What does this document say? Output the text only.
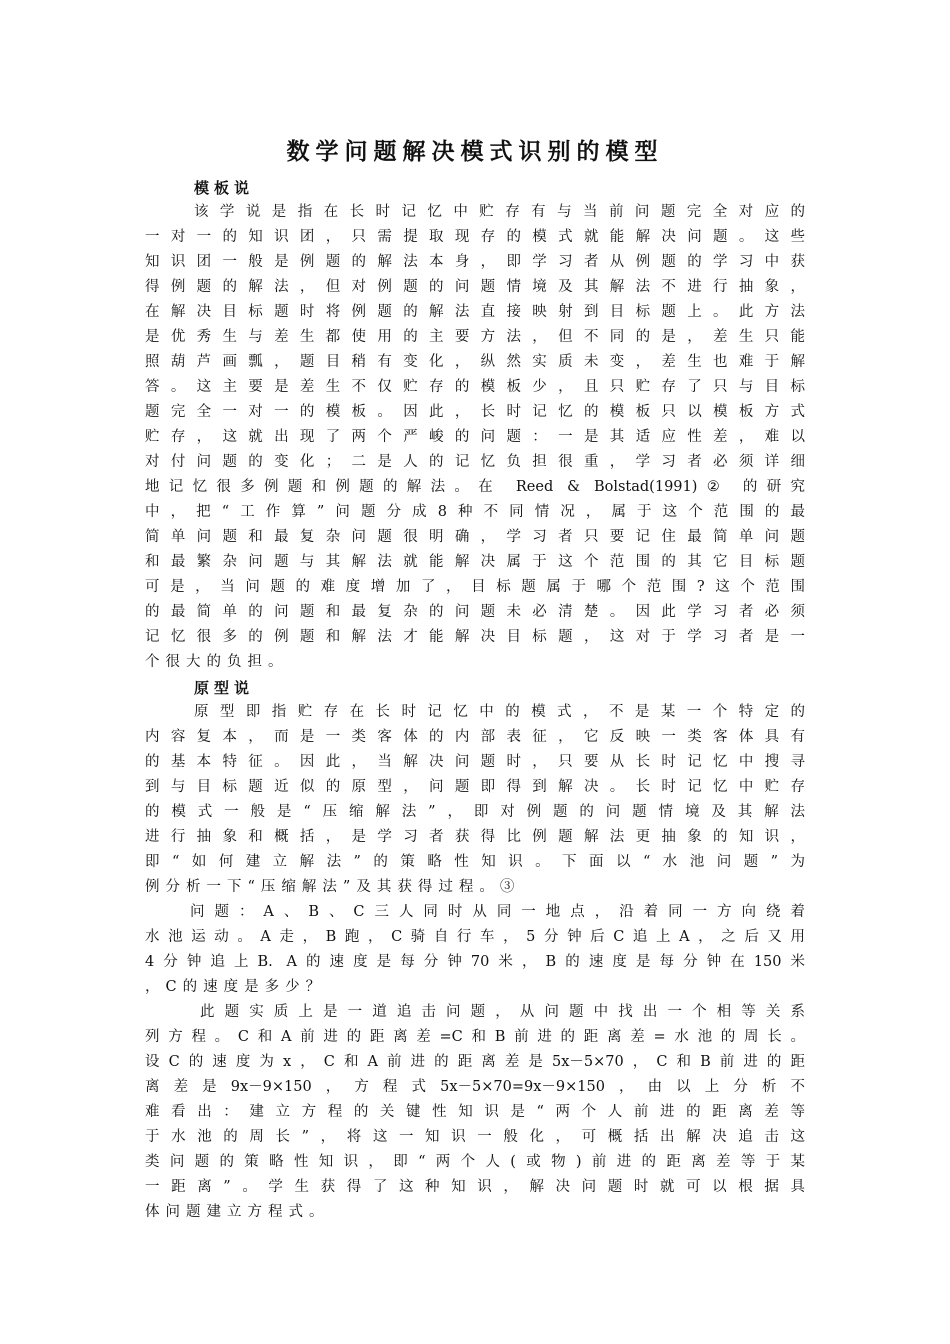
数学问题解决模式识别的模型
模板说

该学说是指在长时记忆中贮存有与当前问题完全对应的

一对一的知识团，只需提取现存的模式就能解决问题。这些

知识团一般是例题的解法本身，即学习者从例题的学习中获

得例题的解法，但对例题的问题情境及其解法不进行抽象，

在解决目标题时将例题的解法直接映射到目标题上。此方法

是优秀生与差生都使用的主要方法，但不同的是，差生只能

照葫芦画瓢，题目稍有变化，纵然实质未变，差生也难于解

答。这主要是差生不仅贮存的模板少，且只贮存了只与目标

题完全一对一的模板。因此，长时记忆的模板只以模板方式

贮存，这就出现了两个严峻的问题：一是其适应性差，难以

对付问题的变化；二是人的记忆负担很重，学习者必须详细

地记忆很多例题和例题的解法。在 Reed & Bolstad(1991)② 的研究

中，把“工作算”问题分成8种不同情况，属于这个范围的最

简单问题和最复杂问题很明确，学习者只要记住最简单问题

和最繁杂问题与其解法就能解决属于这个范围的其它目标题

可是，当问题的难度增加了，目标题属于哪个范围?这个范围

的最简单的问题和最复杂的问题未必清楚。因此学习者必须

记忆很多的例题和解法才能解决目标题，这对于学习者是一

个很大的负担。

原型说

原型即指贮存在长时记忆中的模式，不是某一个特定的

内容复本，而是一类客体的内部表征，它反映一类客体具有

的基本特征。因此，当解决问题时，只要从长时记忆中搜寻

到与目标题近似的原型，问题即得到解决。长时记忆中贮存

的模式一般是“压缩解法”，即对例题的问题情境及其解法

进行抽象和概括，是学习者获得比例题解法更抽象的知识，

即“如何建立解法”的策略性知识。下面以“水池问题”为

例分析一下“压缩解法”及其获得过程。③

问题：A、B、C三人同时从同一地点，沿着同一方向绕着

水池运动。A走，B跑，C骑自行车，5分钟后C追上A，之后又用

4分钟追上B. A的速度是每分钟70米，B的速度是每分钟在150米

，C的速度是多少？

此题实质上是一道追击问题，从问题中找出一个相等关系

列方程。C和A前进的距离差=C和B前进的距离差=水池的周长。

设C的速度为x，C和A前进的距离差是5x－5×70，C和B前进的距

离差是9x－9×150，方程式5x－5×70=9x－9×150，由以上分析不

难看出：建立方程的关键性知识是“两个人前进的距离差等

于水池的周长”，将这一知识一般化，可概括出解决追击这

类问题的策略性知识，即“两个人(或物)前进的距离差等于某

一距离”。学生获得了这种知识，解决问题时就可以根据具

体问题建立方程式。
